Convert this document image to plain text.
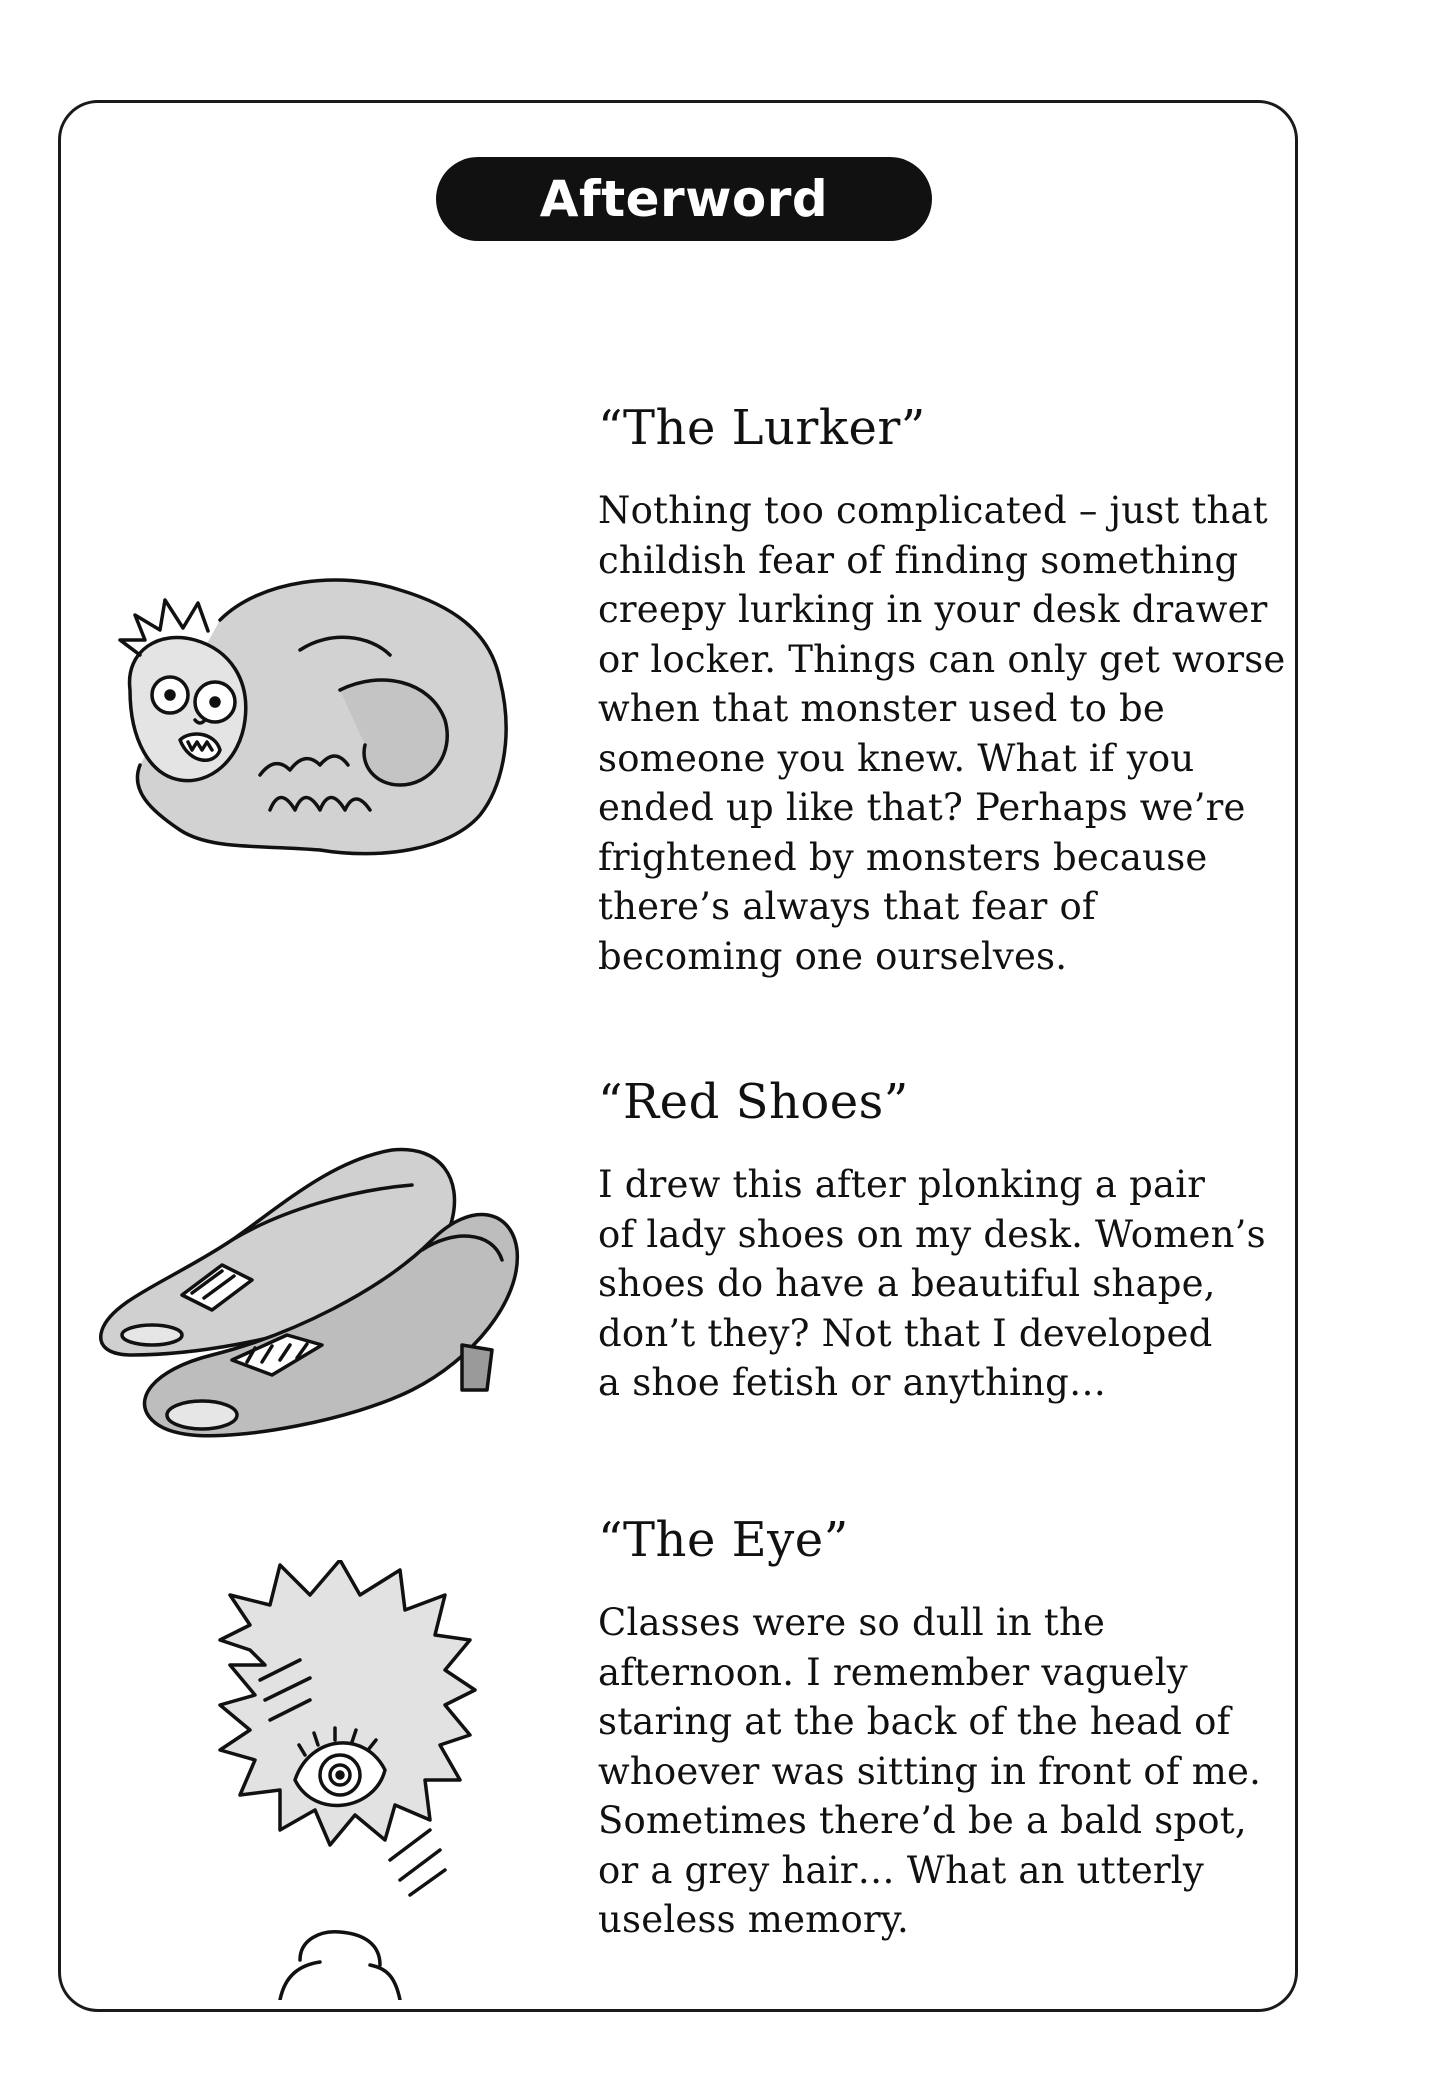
Afterword
“The Lurker”

Nothing too complicated – just that
childish fear of finding something
creepy lurking in your desk drawer
or locker. Things can only get worse
when that monster used to be
someone you knew. What if you
ended up like that? Perhaps we’re
frightened by monsters because
there’s always that fear of
becoming one ourselves.

“Red Shoes”

I drew this after plonking a pair
of lady shoes on my desk. Women’s
shoes do have a beautiful shape,
don’t they? Not that I developed
a shoe fetish or anything…

“The Eye”

Classes were so dull in the
afternoon. I remember vaguely
staring at the back of the head of
whoever was sitting in front of me.
Sometimes there’d be a bald spot,
or a grey hair… What an utterly
useless memory.
